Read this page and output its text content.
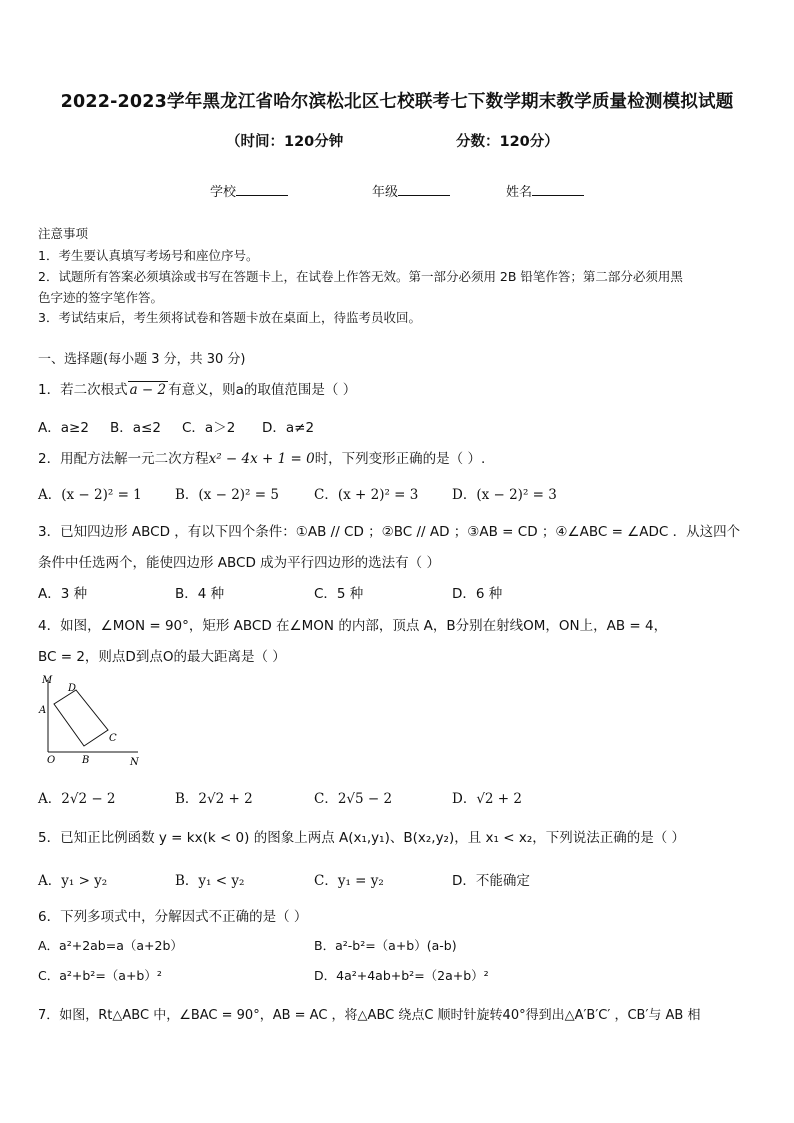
2022-2023学年黑龙江省哈尔滨松北区七校联考七下数学期末教学质量检测模拟试题
（时间：120分钟	分数：120分）
学校	年级	姓名
注意事项
1．考生要认真填写考场号和座位序号。
2．试题所有答案必须填涂或书写在答题卡上，在试卷上作答无效。第一部分必须用 2B 铅笔作答；第二部分必须用黑
色字迹的签字笔作答。
3．考试结束后，考生须将试卷和答题卡放在桌面上，待监考员收回。
一、选择题(每小题 3 分，共 30 分)
1．若二次根式 a − 2 有意义，则a的取值范围是（ ）
A．a≥2 B．a≤2 C．a＞2 D．a≠2
2．用配方法解一元二次方程x² − 4x + 1 = 0时，下列变形正确的是（ ）.
A．(x − 2)² = 1 B．(x − 2)² = 5	C．(x + 2)² = 3 D．(x − 2)² = 3
3．已知四边形 ABCD ，有以下四个条件：①AB // CD ；②BC // AD ；③AB = CD ；④∠ABC = ∠ADC ．从这四个
条件中任选两个，能使四边形 ABCD 成为平行四边形的选法有（ ）
A．3 种	B．4 种	C．5 种	D．6 种
4．如图，∠MON = 90°，矩形 ABCD 在∠MON 的内部，顶点 A，B分别在射线OM，ON上，AB = 4，
BC = 2，则点D到点O的最大距离是（ ）
M
D
A
C
O	B	N
A．2√2 − 2	B．2√2 + 2	C．2√5 − 2	D．√2 + 2
5．已知正比例函数 y = kx(k < 0) 的图象上两点 A(x₁,y₁)、B(x₂,y₂)，且 x₁ < x₂，下列说法正确的是（ ）
A．y₁ > y₂	B．y₁ < y₂	C．y₁ = y₂	D．不能确定
6．下列多项式中，分解因式不正确的是（ ）
A．a²+2ab=a（a+2b）	B．a²-b²=（a+b）(a-b)
C．a²+b²=（a+b）²	D．4a²+4ab+b²=（2a+b）²
7．如图，Rt△ABC 中，∠BAC = 90°，AB = AC ，将△ABC 绕点C 顺时针旋转40°得到出△A′B′C′ ，CB′与 AB 相
